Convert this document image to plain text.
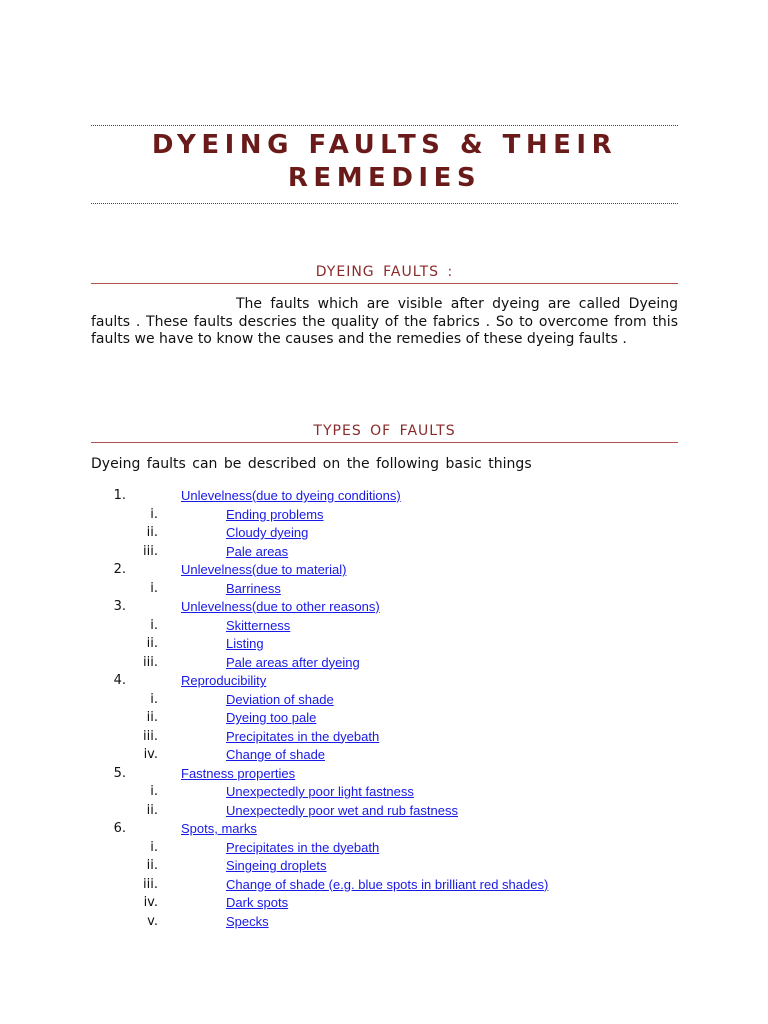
DYEING FAULTS & THEIR REMEDIES
DYEING FAULTS :
The faults which are visible after dyeing are called Dyeing faults . These faults descries the quality of the fabrics . So to overcome from this faults we have to know the causes and the remedies of these dyeing faults .
TYPES OF FAULTS
Dyeing faults can be described on the following basic things
1.	Unlevelness(due to dyeing conditions)
i.	Ending problems
ii.	Cloudy dyeing
iii.	Pale areas
2.	Unlevelness(due to material)
i.	Barriness
3.	Unlevelness(due to other reasons)
i.	Skitterness
ii.	Listing
iii.	Pale areas after dyeing
4.	Reproducibility
i.	Deviation of shade
ii.	Dyeing too pale
iii.	Precipitates in the dyebath
iv.	Change of shade
5.	Fastness properties
i.	Unexpectedly poor light fastness
ii.	Unexpectedly poor wet and rub fastness
6.	Spots, marks
i.	Precipitates in the dyebath
ii.	Singeing droplets
iii.	Change of shade (e.g. blue spots in brilliant red shades)
iv.	Dark spots
v.	Specks
